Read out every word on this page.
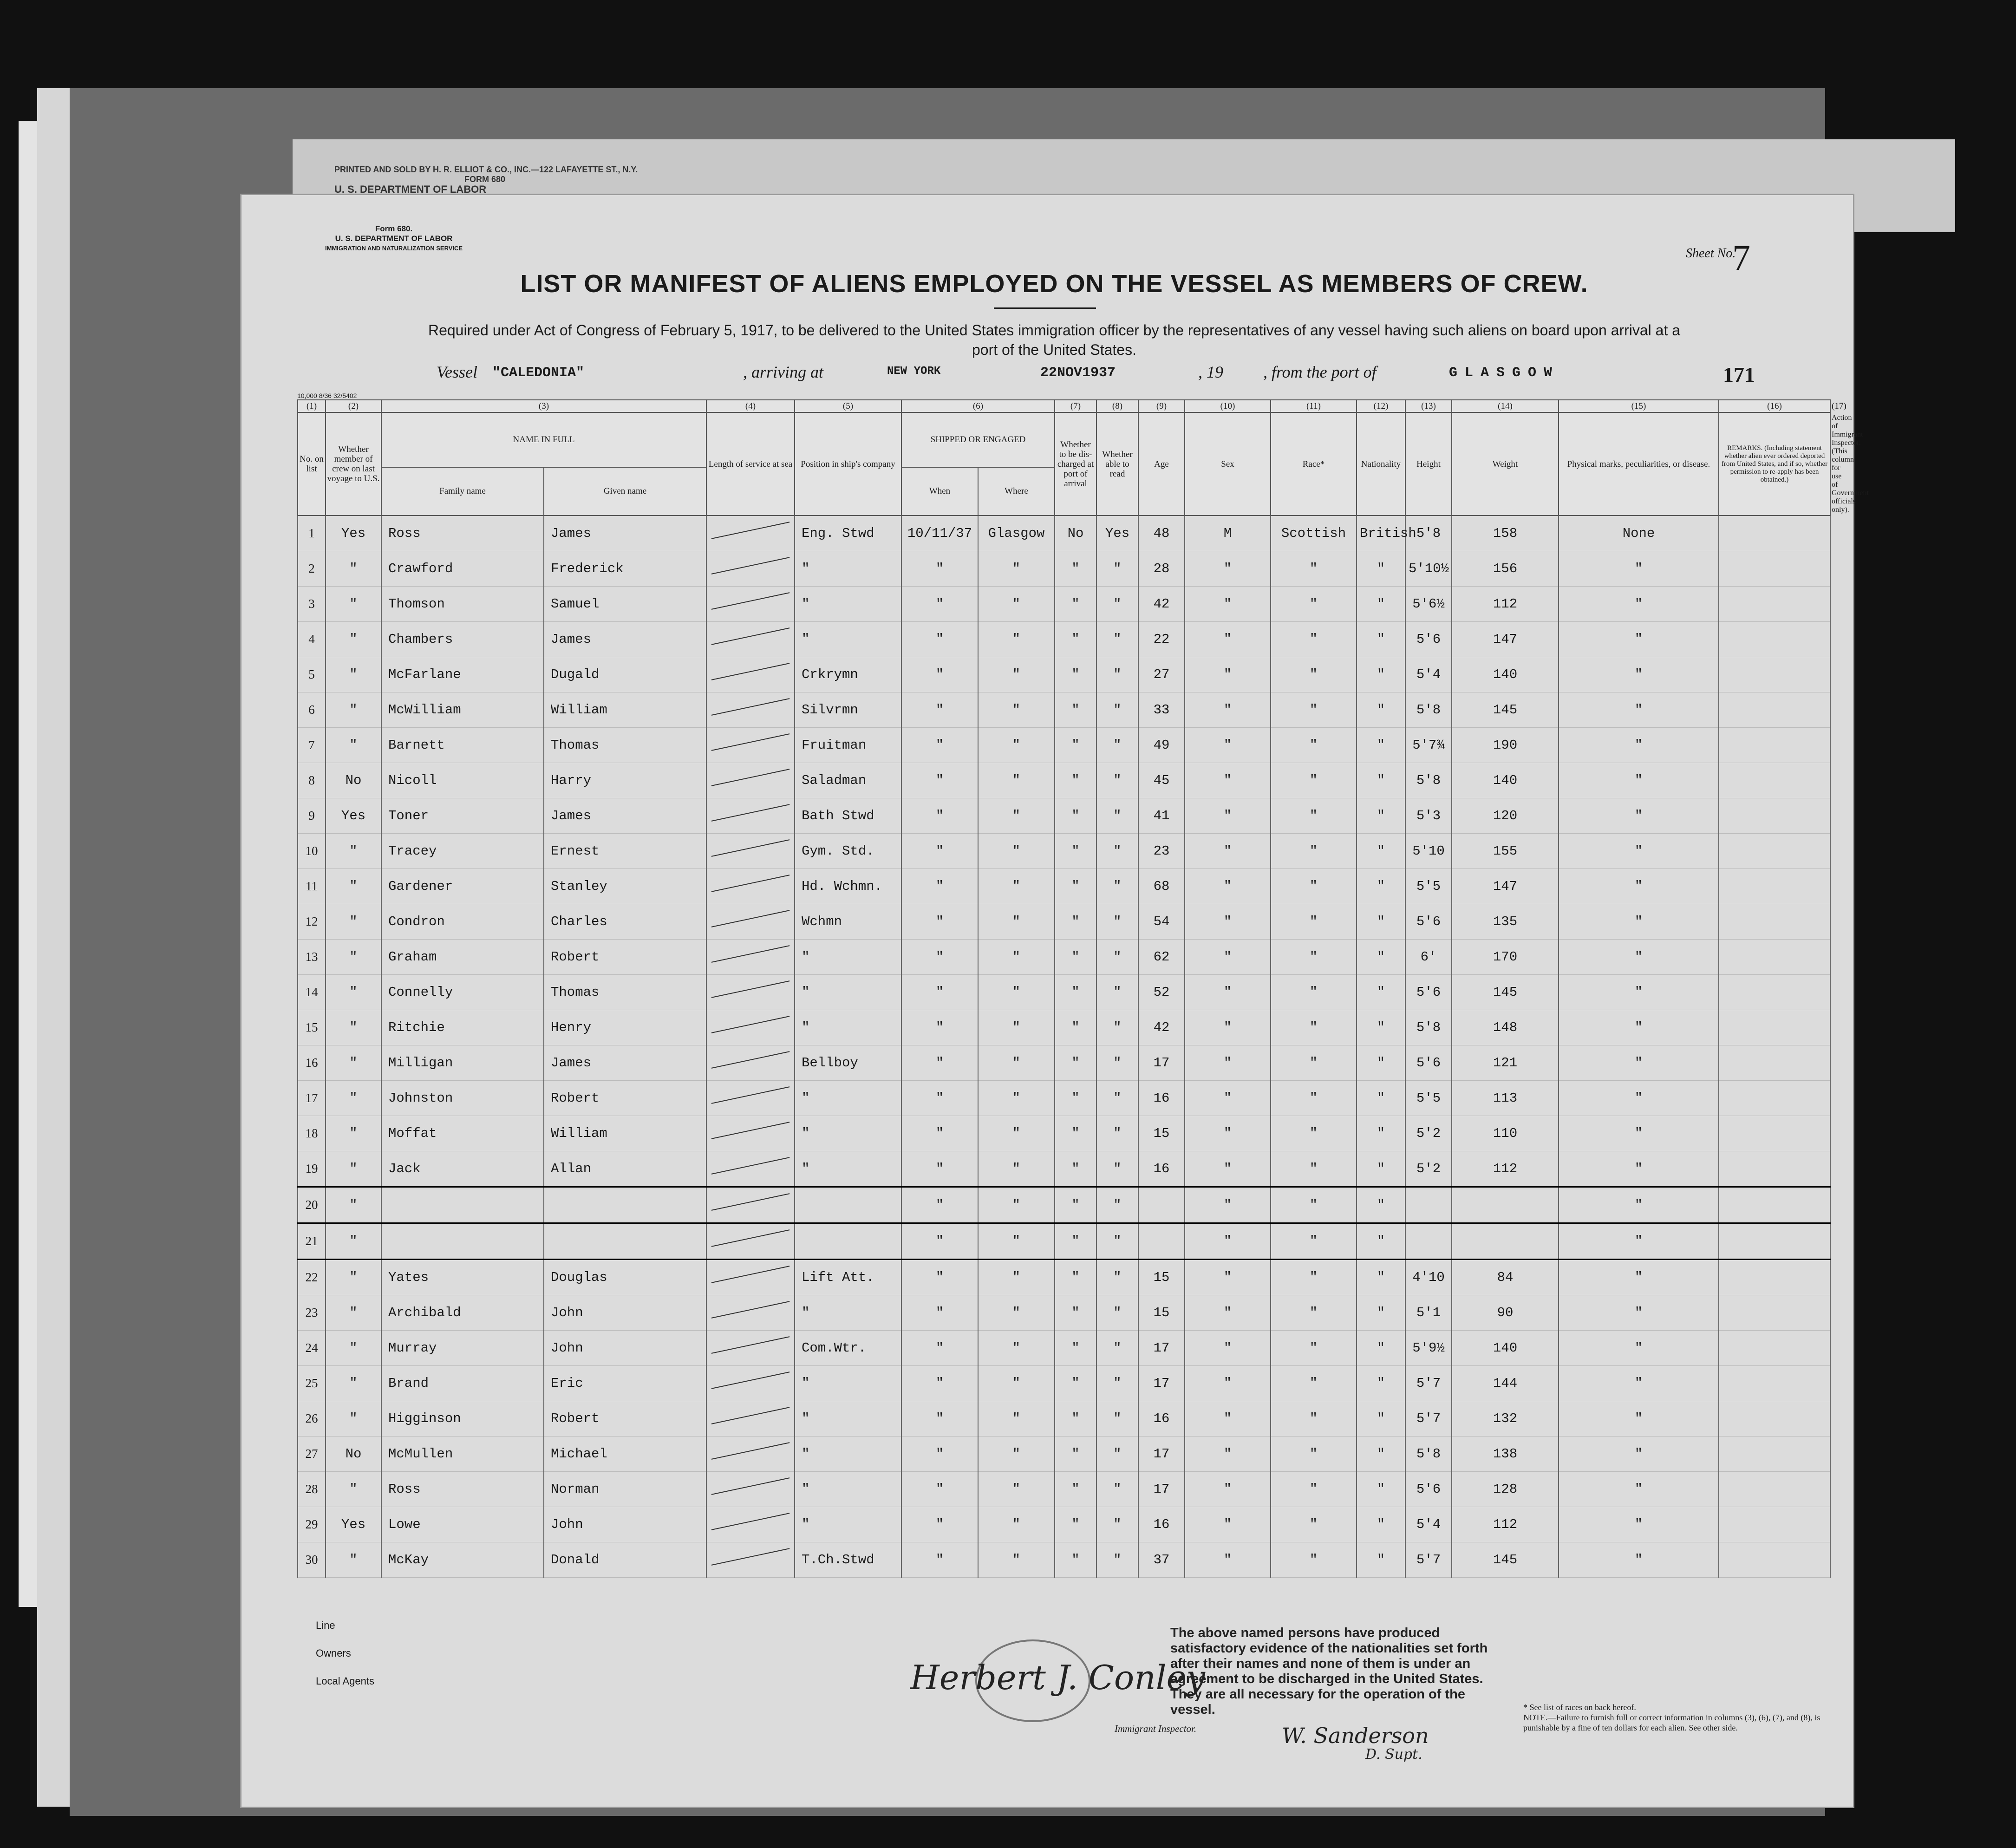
PRINTED AND SOLD BY H. R. ELLIOT & CO., INC.—122 LAFAYETTE ST., N.Y.
FORM 680
U. S. DEPARTMENT OF LABOR
Form 680.
U. S. DEPARTMENT OF LABOR
IMMIGRATION AND NATURALIZATION SERVICE	Sheet No.
7
LIST OR MANIFEST OF ALIENS EMPLOYED ON THE VESSEL AS MEMBERS OF CREW.
Required under Act of Congress of February 5, 1917, to be delivered to the United States immigration officer by the representatives of any vessel having such aliens on board upon arrival at a port of the United States.
Vessel "CALEDONIA"	, arriving at	NEW YORK	22NOV1937	, 19 , from the port of	GLASGOW	171
10,000 8/36 32/5402
(1)	(2)	(3)		(4)	(5)	(6)		(7)	(8)	(9)	(10)	(11)	(12)	(13)	(14)	(15)	(16)	(17)
No. on list	Whether member of crew on last voyage to U.S.	NAME IN FULL		Length of service at sea	Position in ship's company	SHIPPED OR ENGAGED		Whether to be dis-charged at port of arrival	Whether able to read	Age	Sex	Race*	Nationality	Height	Weight	Physical marks, peculiarities, or disease.	REMARKS. (Including statement whether alien ever ordered deported from United States, and if so, whether permission to re-apply has been obtained.)	Action of Immigrant Inspector. (This column for use of Government officials only).
		Family name	Given name			When	Where											
1	Yes	Ross	James		Eng. Stwd	10/11/37	Glasgow	No	Yes	48	M	Scottish	British	5'8	158	None		
2	"	Crawford	Frederick		"	"	"	"	"	28	"	"	"	5'10½	156	"		
3	"	Thomson	Samuel		"	"	"	"	"	42	"	"	"	5'6½	112	"		
4	"	Chambers	James		"	"	"	"	"	22	"	"	"	5'6	147	"		
5	"	McFarlane	Dugald		Crkrymn	"	"	"	"	27	"	"	"	5'4	140	"		
6	"	McWilliam	William		Silvrmn	"	"	"	"	33	"	"	"	5'8	145	"		
7	"	Barnett	Thomas		Fruitman	"	"	"	"	49	"	"	"	5'7¾	190	"		
8	No	Nicoll	Harry		Saladman	"	"	"	"	45	"	"	"	5'8	140	"		
9	Yes	Toner	James		Bath Stwd	"	"	"	"	41	"	"	"	5'3	120	"		
10	"	Tracey	Ernest		Gym. Std.	"	"	"	"	23	"	"	"	5'10	155	"		
11	"	Gardener	Stanley		Hd. Wchmn.	"	"	"	"	68	"	"	"	5'5	147	"		
12	"	Condron	Charles		Wchmn	"	"	"	"	54	"	"	"	5'6	135	"		
13	"	Graham	Robert		"	"	"	"	"	62	"	"	"	6'	170	"		
14	"	Connelly	Thomas		"	"	"	"	"	52	"	"	"	5'6	145	"		
15	"	Ritchie	Henry		"	"	"	"	"	42	"	"	"	5'8	148	"		
16	"	Milligan	James		Bellboy	"	"	"	"	17	"	"	"	5'6	121	"		
17	"	Johnston	Robert		"	"	"	"	"	16	"	"	"	5'5	113	"		
18	"	Moffat	William		"	"	"	"	"	15	"	"	"	5'2	110	"		
19	"	Jack	Allan		"	"	"	"	"	16	"	"	"	5'2	112	"		
20	"					"	"	"	"		"	"	"			"		
21	"					"	"	"	"		"	"	"			"		
22	"	Yates	Douglas		Lift Att.	"	"	"	"	15	"	"	"	4'10	84	"		
23	"	Archibald	John		"	"	"	"	"	15	"	"	"	5'1	90	"		
24	"	Murray	John		Com.Wtr.	"	"	"	"	17	"	"	"	5'9½	140	"		
25	"	Brand	Eric		"	"	"	"	"	17	"	"	"	5'7	144	"		
26	"	Higginson	Robert		"	"	"	"	"	16	"	"	"	5'7	132	"		
27	No	McMullen	Michael		"	"	"	"	"	17	"	"	"	5'8	138	"		
28	"	Ross	Norman		"	"	"	"	"	17	"	"	"	5'6	128	"		
29	Yes	Lowe	John		"	"	"	"	"	16	"	"	"	5'4	112	"		
30	"	McKay	Donald		T.Ch.Stwd	"	"	"	"	37	"	"	"	5'7	145	"		
Line
Owners
Local Agents	Herbert J. Conley
Immigrant Inspector.
The above named persons have produced satisfactory evidence of the nationalities set forth after their names and none of them is under an agreement to be discharged in the United States. They are all necessary for the operation of the vessel.
W. Sanderson
D. Supt.
* See list of races on back hereof.
NOTE.—Failure to furnish full or correct information in columns (3), (6), (7), and (8), is punishable by a fine of ten dollars for each alien. See other side.
